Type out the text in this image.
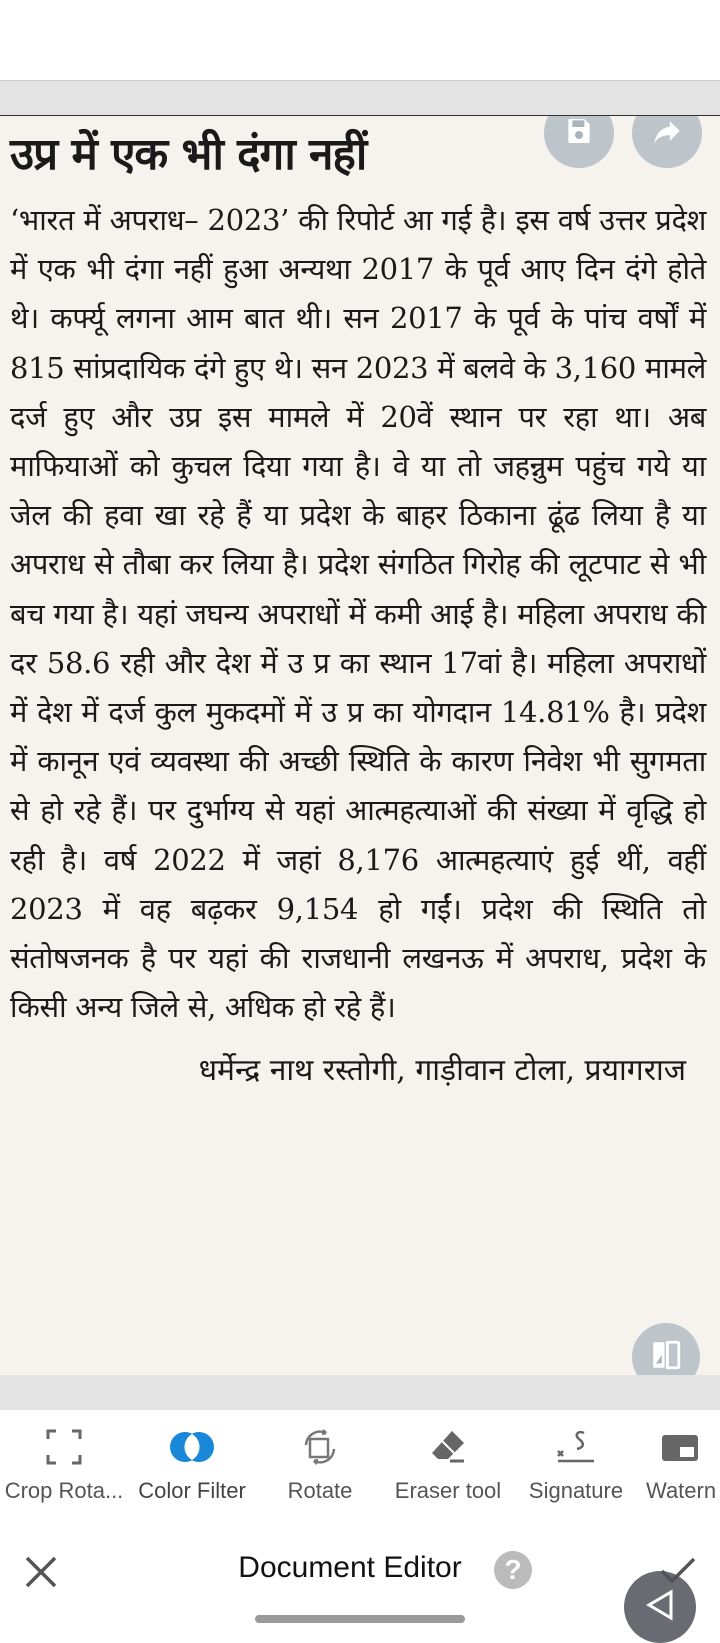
उप्र में एक भी दंगा नहीं

‘भारत में अपराध– 2023’ की रिपोर्ट आ गई है। इस वर्ष उत्तर प्रदेश में एक भी दंगा नहीं हुआ अन्यथा 2017 के पूर्व आए दिन दंगे होते थे। कर्फ्यू लगना आम बात थी। सन 2017 के पूर्व के पांच वर्षों में 815 सांप्रदायिक दंगे हुए थे। सन 2023 में बलवे के 3,160 मामले दर्ज हुए और उप्र इस मामले में 20वें स्थान पर रहा था। अब माफियाओं को कुचल दिया गया है। वे या तो जहन्नुम पहुंच गये या जेल की हवा खा रहे हैं या प्रदेश के बाहर ठिकाना ढूंढ लिया है या अपराध से तौबा कर लिया है। प्रदेश संगठित गिरोह की लूटपाट से भी बच गया है। यहां जघन्य अपराधों में कमी आई है। महिला अपराध की दर 58.6 रही और देश में उ प्र का स्थान 17वां है। महिला अपराधों में देश में दर्ज कुल मुकदमों में उ प्र का योगदान 14.81% है। प्रदेश में कानून एवं व्यवस्था की अच्छी स्थिति के कारण निवेश भी सुगमता से हो रहे हैं। पर दुर्भाग्य से यहां आत्महत्याओं की संख्या में वृद्धि हो रही है। वर्ष 2022 में जहां 8,176 आत्महत्याएं हुई थीं, वहीं 2023 में वह बढ़कर 9,154 हो गईं। प्रदेश की स्थिति तो संतोषजनक है पर यहां की राजधानी लखनऊ में अपराध, प्रदेश के किसी अन्य जिले से, अधिक हो रहे हैं।

धर्मेन्द्र नाथ रस्तोगी, गाड़ीवान टोला, प्रयागराज
Crop Rota... Color Filter	Rotate	Eraser tool	Signature	Watern
Document Editor	?
